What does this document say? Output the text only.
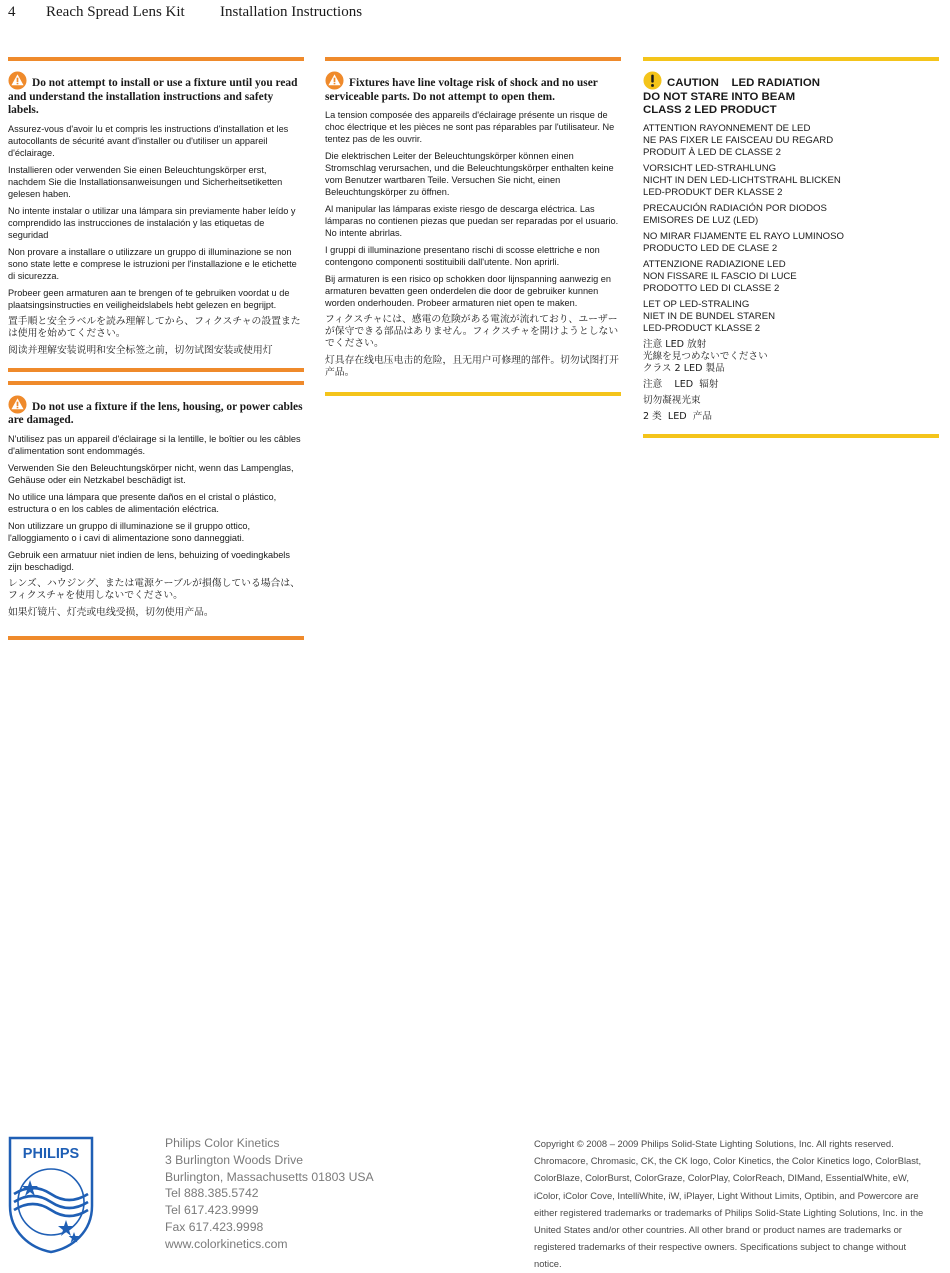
4 Reach Spread Lens Kit Installation Instructions
Do not attempt to install or use a fixture until you read and understand the installation instructions and safety labels.

Assurez-vous d'avoir lu et compris les instructions d'installation et les autocollants de sécurité avant d'installer ou d'utiliser un appareil d'éclairage.

Installieren oder verwenden Sie einen Beleuchtungskörper erst, nachdem Sie die Installationsanweisungen und Sicherheitsetiketten gelesen haben.

No intente instalar o utilizar una lámpara sin previamente haber leído y comprendido las instrucciones de instalación y las etiquetas de seguridad

Non provare a installare o utilizzare un gruppo di illuminazione se non sono state lette e comprese le istruzioni per l'installazione e le etichette di sicurezza.

Probeer geen armaturen aan te brengen of te gebruiken voordat u de plaatsingsinstructies en veiligheidslabels hebt gelezen en begrijpt.

置手順と安全ラベルを読み理解してから、フィクスチャの設置または使用を始めてください。

阅读并理解安装说明和安全标签之前，切勿试图安装或使用灯

Do not use a fixture if the lens, housing, or power cables are damaged.

N'utilisez pas un appareil d'éclairage si la lentille, le boîtier ou les câbles d'alimentation sont endommagés.

Verwenden Sie den Beleuchtungskörper nicht, wenn das Lampenglas, Gehäuse oder ein Netzkabel beschädigt ist.

No utilice una lámpara que presente daños en el cristal o plástico, estructura o en los cables de alimentación eléctrica.

Non utilizzare un gruppo di illuminazione se il gruppo ottico, l'alloggiamento o i cavi di alimentazione sono danneggiati.

Gebruik een armatuur niet indien de lens, behuizing of voedingkabels zijn beschadigd.

レンズ、ハウジング、または電源ケーブルが損傷している場合は、フィクスチャを使用しないでください。

如果灯镜片、灯壳或电线受损，切勿使用产品。

Fixtures have line voltage risk of shock and no user serviceable parts. Do not attempt to open them.

La tension composée des appareils d'éclairage présente un risque de choc électrique et les pièces ne sont pas réparables par l'utilisateur. Ne tentez pas de les ouvrir.

Die elektrischen Leiter der Beleuchtungskörper können einen Stromschlag verursachen, und die Beleuchtungskörper enthalten keine vom Benutzer wartbaren Teile. Versuchen Sie nicht, einen Beleuchtungskörper zu öffnen.

Al manipular las lámparas existe riesgo de descarga eléctrica. Las lámparas no contienen piezas que puedan ser reparadas por el usuario. No intente abrirlas.

I gruppi di illuminazione presentano rischi di scosse elettriche e non contengono componenti sostituibili dall'utente. Non aprirli.

Bij armaturen is een risico op schokken door lijnspanning aanwezig en armaturen bevatten geen onderdelen die door de gebruiker kunnen worden onderhouden. Probeer armaturen niet open te maken.

フィクスチャには、感電の危険がある電流が流れており、ユーザーが保守できる部品はありません。フィクスチャを開けようとしないでください。

灯具存在线电压电击的危险，且无用户可修理的部件。切勿试图打开产品。

CAUTION    LED RADIATION
DO NOT STARE INTO BEAM
CLASS 2 LED PRODUCT

ATTENTION RAYONNEMENT DE LED
NE PAS FIXER LE FAISCEAU DU REGARD
PRODUIT À LED DE CLASSE 2

VORSICHT LED-STRAHLUNG
NICHT IN DEN LED-LICHTSTRAHL BLICKEN
LED-PRODUKT DER KLASSE 2

PRECAUCIÓN RADIACIÓN POR DIODOS
EMISORES DE LUZ (LED)

NO MIRAR FIJAMENTE EL RAYO LUMINOSO
PRODUCTO LED DE CLASE 2

ATTENZIONE RADIAZIONE LED
NON FISSARE IL FASCIO DI LUCE
PRODOTTO LED DI CLASSE 2

LET OP LED-STRALING
NIET IN DE BUNDEL STAREN
LED-PRODUCT KLASSE 2

注意 LED 放射
光線を見つめないでください
クラス 2 LED 製品

注意    LED  辐射

切勿凝视光束

2 类  LED  产品

PHILIPS
Philips Color Kinetics
3 Burlington Woods Drive
Burlington, Massachusetts 01803 USA
Tel 888.385.5742
Tel 617.423.9999
Fax 617.423.9998
www.colorkinetics.com
Copyright © 2008 – 2009 Philips Solid-State Lighting Solutions, Inc. All rights reserved. Chromacore, Chromasic, CK, the CK logo, Color Kinetics, the Color Kinetics logo, ColorBlast, ColorBlaze, ColorBurst, ColorGraze, ColorPlay, ColorReach, DIMand, EssentialWhite, eW, iColor, iColor Cove, IntelliWhite, iW, iPlayer, Light Without Limits, Optibin, and Powercore are either registered trademarks or trademarks of Philips Solid-State Lighting Solutions, Inc. in the United States and/or other countries. All other brand or product names are trademarks or registered trademarks of their respective owners. Specifications subject to change without notice.
